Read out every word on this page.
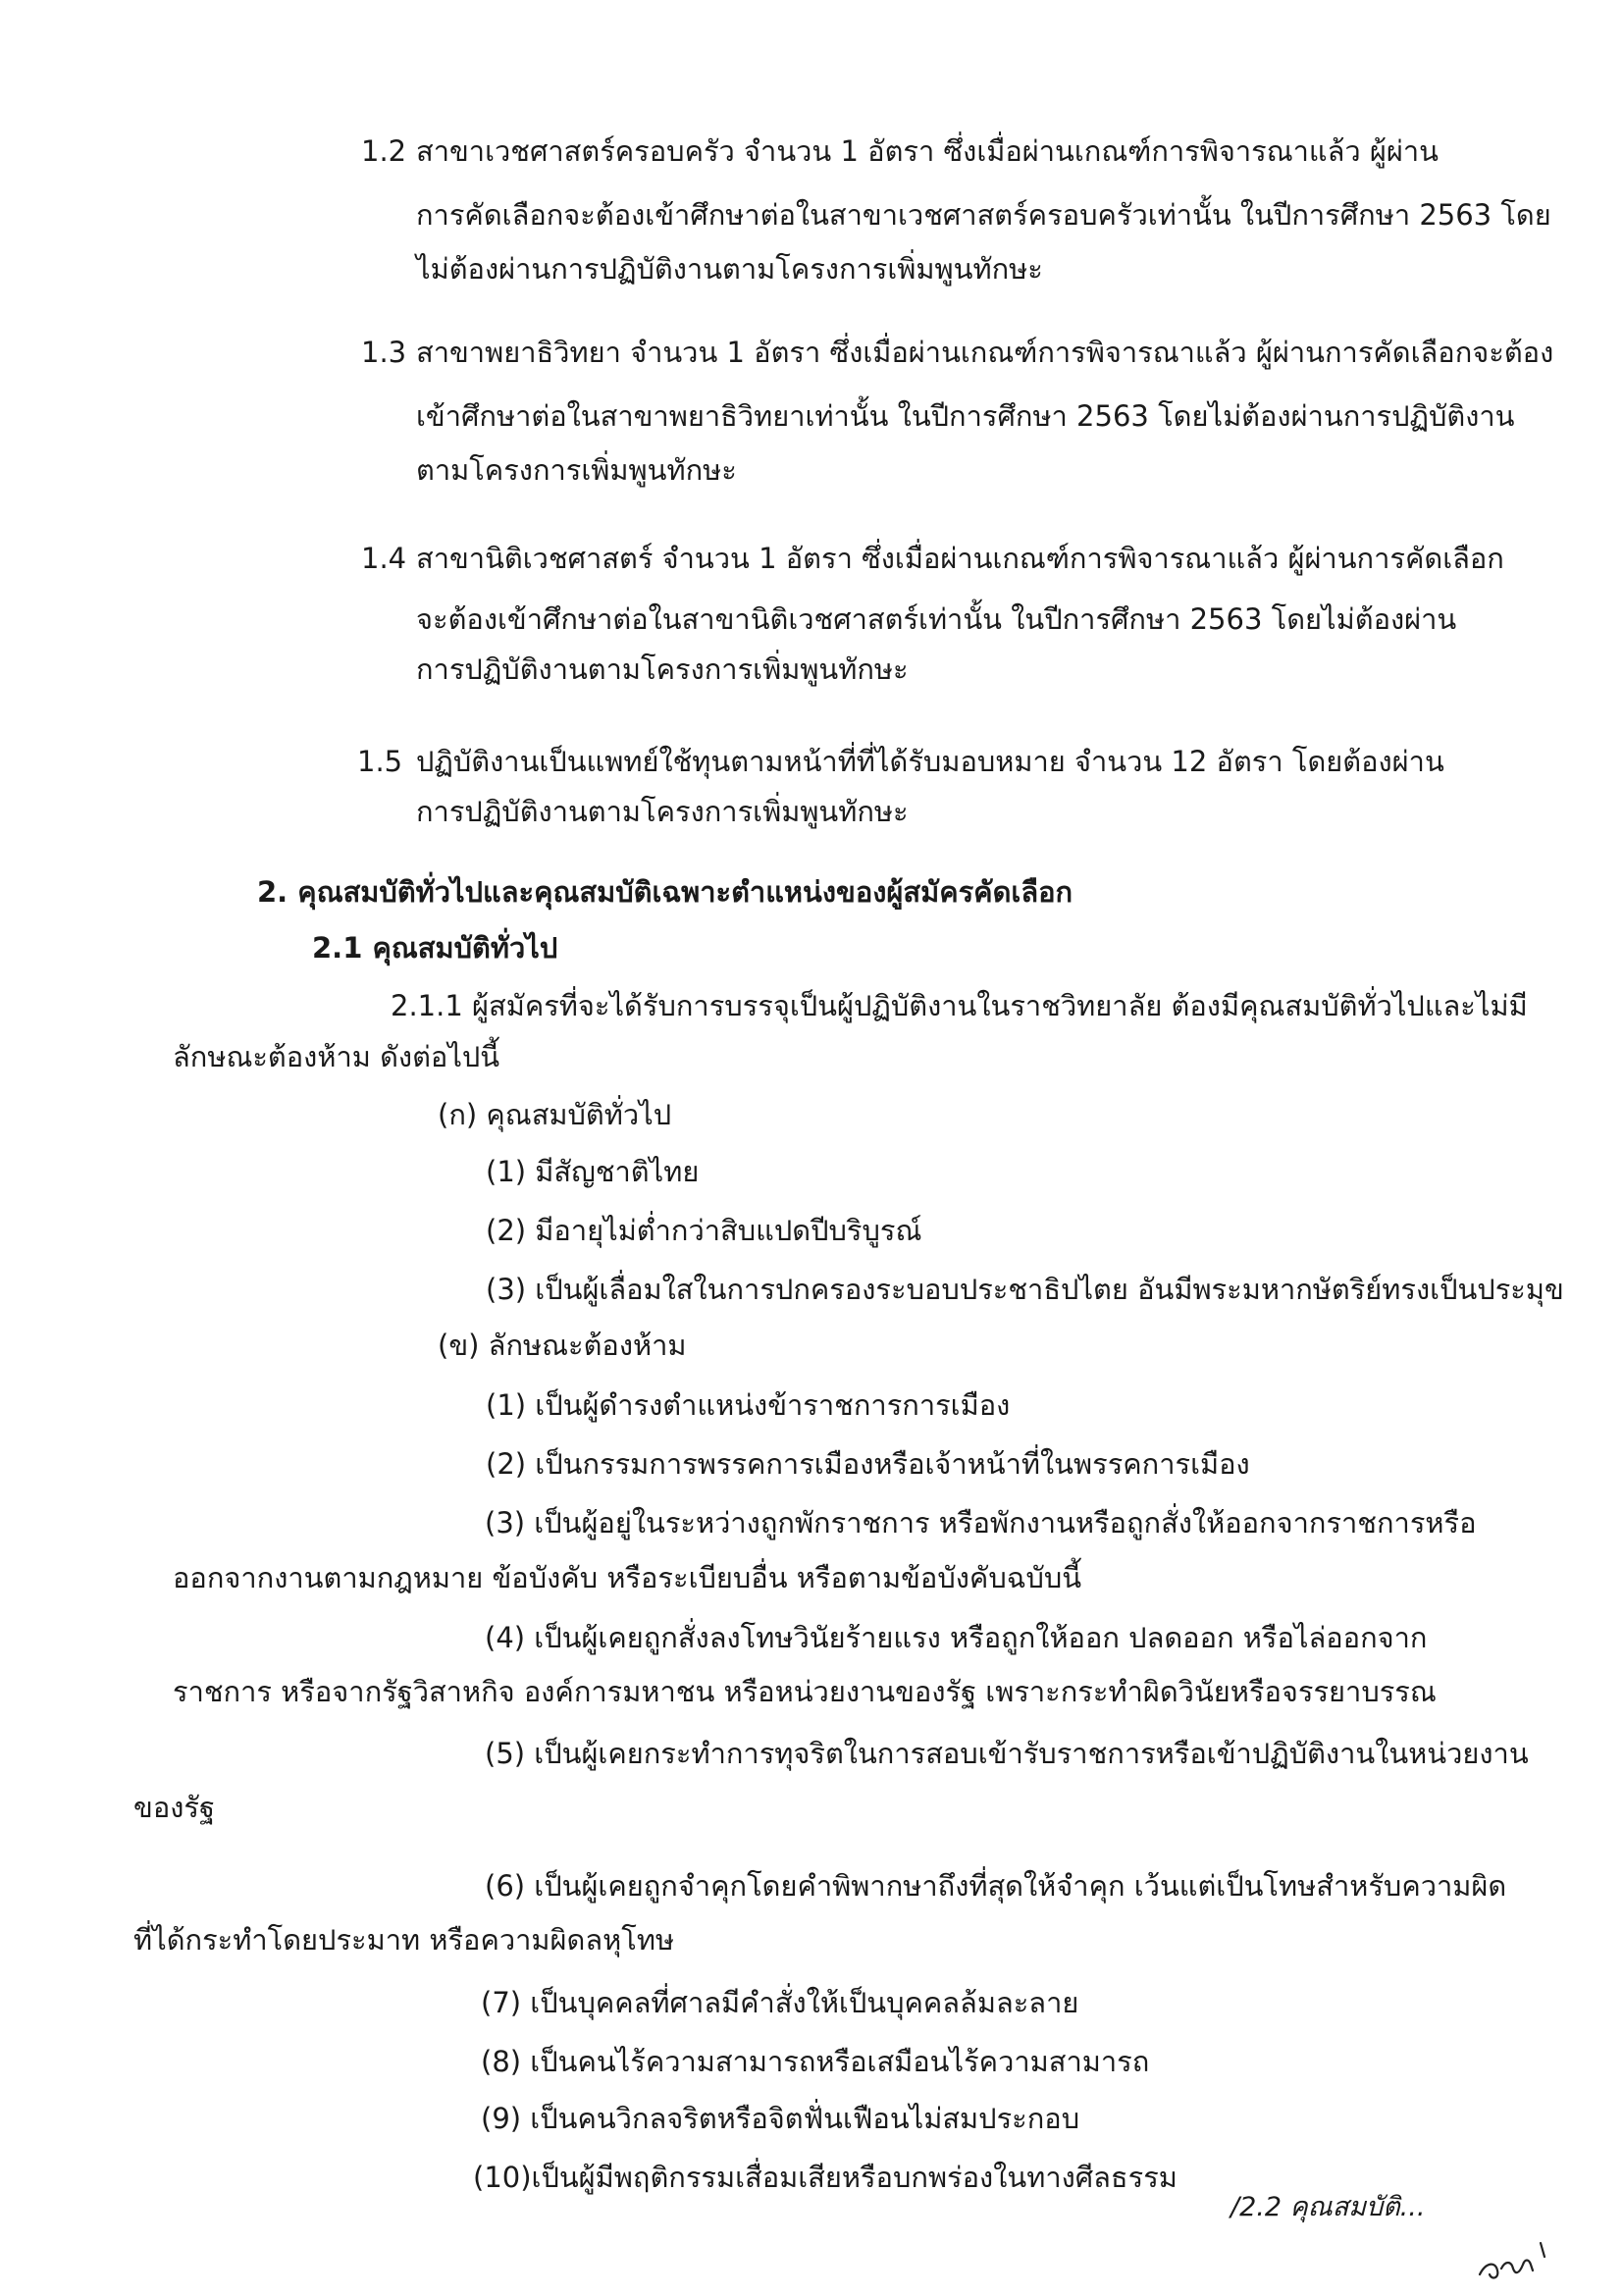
1.2 สาขาเวชศาสตร์ครอบครัว จำนวน 1 อัตรา ซึ่งเมื่อผ่านเกณฑ์การพิจารณาแล้ว ผู้ผ่าน
การคัดเลือกจะต้องเข้าศึกษาต่อในสาขาเวชศาสตร์ครอบครัวเท่านั้น ในปีการศึกษา 2563 โดย
ไม่ต้องผ่านการปฏิบัติงานตามโครงการเพิ่มพูนทักษะ
1.3 สาขาพยาธิวิทยา จำนวน 1 อัตรา ซึ่งเมื่อผ่านเกณฑ์การพิจารณาแล้ว ผู้ผ่านการคัดเลือกจะต้อง
เข้าศึกษาต่อในสาขาพยาธิวิทยาเท่านั้น ในปีการศึกษา 2563 โดยไม่ต้องผ่านการปฏิบัติงาน
ตามโครงการเพิ่มพูนทักษะ
1.4 สาขานิติเวชศาสตร์ จำนวน 1 อัตรา ซึ่งเมื่อผ่านเกณฑ์การพิจารณาแล้ว ผู้ผ่านการคัดเลือก
จะต้องเข้าศึกษาต่อในสาขานิติเวชศาสตร์เท่านั้น ในปีการศึกษา 2563 โดยไม่ต้องผ่าน
การปฏิบัติงานตามโครงการเพิ่มพูนทักษะ
1.5 ปฏิบัติงานเป็นแพทย์ใช้ทุนตามหน้าที่ที่ได้รับมอบหมาย จำนวน 12 อัตรา โดยต้องผ่าน
การปฏิบัติงานตามโครงการเพิ่มพูนทักษะ
2. คุณสมบัติทั่วไปและคุณสมบัติเฉพาะตำแหน่งของผู้สมัครคัดเลือก
2.1 คุณสมบัติทั่วไป
2.1.1 ผู้สมัครที่จะได้รับการบรรจุเป็นผู้ปฏิบัติงานในราชวิทยาลัย ต้องมีคุณสมบัติทั่วไปและไม่มี
ลักษณะต้องห้าม ดังต่อไปนี้
(ก) คุณสมบัติทั่วไป
(1) มีสัญชาติไทย
(2) มีอายุไม่ต่ำกว่าสิบแปดปีบริบูรณ์
(3) เป็นผู้เลื่อมใสในการปกครองระบอบประชาธิปไตย อันมีพระมหากษัตริย์ทรงเป็นประมุข
(ข) ลักษณะต้องห้าม
(1) เป็นผู้ดำรงตำแหน่งข้าราชการการเมือง
(2) เป็นกรรมการพรรคการเมืองหรือเจ้าหน้าที่ในพรรคการเมือง
(3) เป็นผู้อยู่ในระหว่างถูกพักราชการ หรือพักงานหรือถูกสั่งให้ออกจากราชการหรือ
ออกจากงานตามกฎหมาย ข้อบังคับ หรือระเบียบอื่น หรือตามข้อบังคับฉบับนี้
(4) เป็นผู้เคยถูกสั่งลงโทษวินัยร้ายแรง หรือถูกให้ออก ปลดออก หรือไล่ออกจาก
ราชการ หรือจากรัฐวิสาหกิจ องค์การมหาชน หรือหน่วยงานของรัฐ เพราะกระทำผิดวินัยหรือจรรยาบรรณ
(5) เป็นผู้เคยกระทำการทุจริตในการสอบเข้ารับราชการหรือเข้าปฏิบัติงานในหน่วยงาน
ของรัฐ
(6) เป็นผู้เคยถูกจำคุกโดยคำพิพากษาถึงที่สุดให้จำคุก เว้นแต่เป็นโทษสำหรับความผิด
ที่ได้กระทำโดยประมาท หรือความผิดลหุโทษ
(7) เป็นบุคคลที่ศาลมีคำสั่งให้เป็นบุคคลล้มละลาย
(8) เป็นคนไร้ความสามารถหรือเสมือนไร้ความสามารถ
(9) เป็นคนวิกลจริตหรือจิตฟั่นเฟือนไม่สมประกอบ
(10)เป็นผู้มีพฤติกรรมเสื่อมเสียหรือบกพร่องในทางศีลธรรม
/2.2 คุณสมบัติ...
